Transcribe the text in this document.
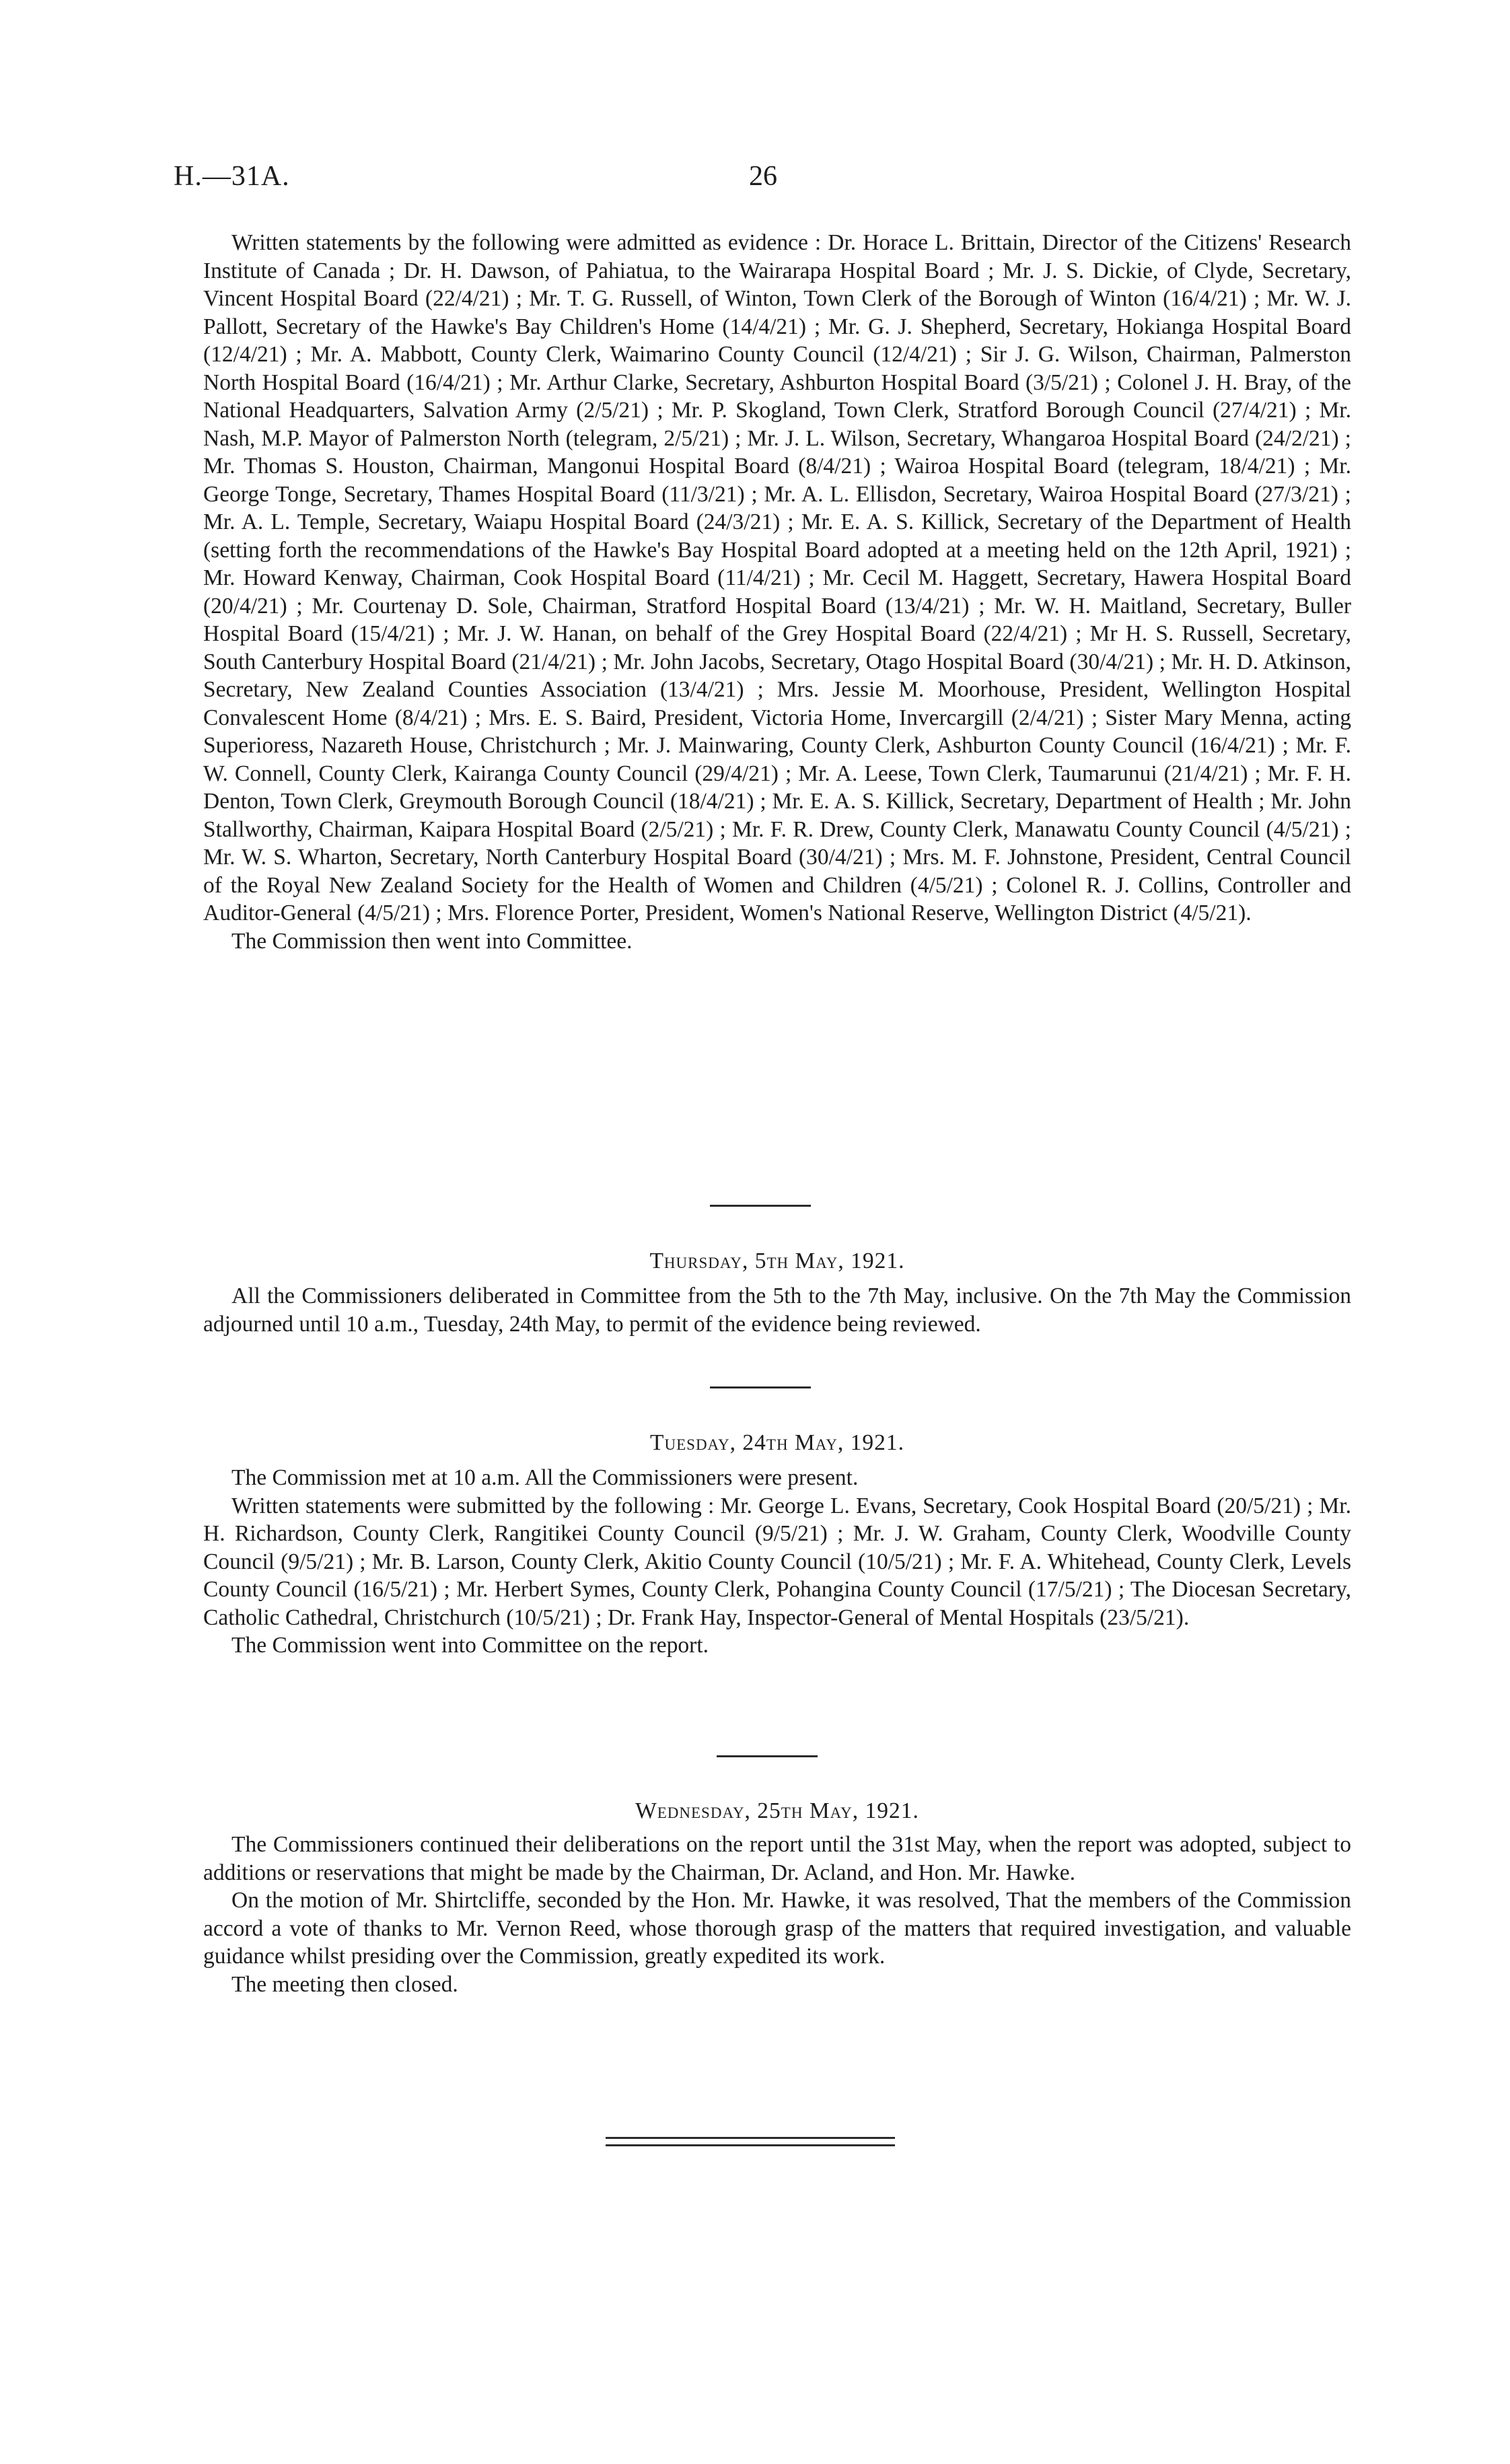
H.—31A.	26

Written statements by the following were admitted as evidence : Dr. Horace L. Brittain, Director of the Citizens' Research Institute of Canada ; Dr. H. Dawson, of Pahiatua, to the Wairarapa Hospital Board ; Mr. J. S. Dickie, of Clyde, Secretary, Vincent Hospital Board (22/4/21) ; Mr. T. G. Russell, of Winton, Town Clerk of the Borough of Winton (16/4/21) ; Mr. W. J. Pallott, Secretary of the Hawke's Bay Children's Home (14/4/21) ; Mr. G. J. Shepherd, Secretary, Hokianga Hospital Board (12/4/21) ; Mr. A. Mabbott, County Clerk, Waimarino County Council (12/4/21) ; Sir J. G. Wilson, Chairman, Palmerston North Hospital Board (16/4/21) ; Mr. Arthur Clarke, Secretary, Ashburton Hospital Board (3/5/21) ; Colonel J. H. Bray, of the National Headquarters, Salvation Army (2/5/21) ; Mr. P. Skogland, Town Clerk, Stratford Borough Council (27/4/21) ; Mr. Nash, M.P. Mayor of Palmerston North (telegram, 2/5/21) ; Mr. J. L. Wilson, Secretary, Whangaroa Hospital Board (24/2/21) ; Mr. Thomas S. Houston, Chairman, Mangonui Hospital Board (8/4/21) ; Wairoa Hospital Board (telegram, 18/4/21) ; Mr. George Tonge, Secretary, Thames Hospital Board (11/3/21) ; Mr. A. L. Ellisdon, Secretary, Wairoa Hospital Board (27/3/21) ; Mr. A. L. Temple, Secretary, Waiapu Hospital Board (24/3/21) ; Mr. E. A. S. Killick, Secretary of the Department of Health (setting forth the recommendations of the Hawke's Bay Hospital Board adopted at a meeting held on the 12th April, 1921) ; Mr. Howard Kenway, Chairman, Cook Hospital Board (11/4/21) ; Mr. Cecil M. Haggett, Secretary, Hawera Hospital Board (20/4/21) ; Mr. Courtenay D. Sole, Chairman, Stratford Hospital Board (13/4/21) ; Mr. W. H. Maitland, Secretary, Buller Hospital Board (15/4/21) ; Mr. J. W. Hanan, on behalf of the Grey Hospital Board (22/4/21) ; Mr H. S. Russell, Secretary, South Canterbury Hospital Board (21/4/21) ; Mr. John Jacobs, Secretary, Otago Hospital Board (30/4/21) ; Mr. H. D. Atkinson, Secretary, New Zealand Counties Association (13/4/21) ; Mrs. Jessie M. Moorhouse, President, Wellington Hospital Convalescent Home (8/4/21) ; Mrs. E. S. Baird, President, Victoria Home, Invercargill (2/4/21) ; Sister Mary Menna, acting Superioress, Nazareth House, Christchurch ; Mr. J. Mainwaring, County Clerk, Ashburton County Council (16/4/21) ; Mr. F. W. Connell, County Clerk, Kairanga County Council (29/4/21) ; Mr. A. Leese, Town Clerk, Taumarunui (21/4/21) ; Mr. F. H. Denton, Town Clerk, Greymouth Borough Council (18/4/21) ; Mr. E. A. S. Killick, Secretary, Department of Health ; Mr. John Stallworthy, Chairman, Kaipara Hospital Board (2/5/21) ; Mr. F. R. Drew, County Clerk, Manawatu County Council (4/5/21) ; Mr. W. S. Wharton, Secretary, North Canterbury Hospital Board (30/4/21) ; Mrs. M. F. Johnstone, President, Central Council of the Royal New Zealand Society for the Health of Women and Children (4/5/21) ; Colonel R. J. Collins, Controller and Auditor-General (4/5/21) ; Mrs. Florence Porter, President, Women's National Reserve, Wellington District (4/5/21).

The Commission then went into Committee.

Thursday, 5th May, 1921.

All the Commissioners deliberated in Committee from the 5th to the 7th May, inclusive. On the 7th May the Commission adjourned until 10 a.m., Tuesday, 24th May, to permit of the evidence being reviewed.

Tuesday, 24th May, 1921.

The Commission met at 10 a.m. All the Commissioners were present.

Written statements were submitted by the following : Mr. George L. Evans, Secretary, Cook Hospital Board (20/5/21) ; Mr. H. Richardson, County Clerk, Rangitikei County Council (9/5/21) ; Mr. J. W. Graham, County Clerk, Woodville County Council (9/5/21) ; Mr. B. Larson, County Clerk, Akitio County Council (10/5/21) ; Mr. F. A. Whitehead, County Clerk, Levels County Council (16/5/21) ; Mr. Herbert Symes, County Clerk, Pohangina County Council (17/5/21) ; The Diocesan Secretary, Catholic Cathedral, Christchurch (10/5/21) ; Dr. Frank Hay, Inspector-General of Mental Hospitals (23/5/21).

The Commission went into Committee on the report.

Wednesday, 25th May, 1921.

The Commissioners continued their deliberations on the report until the 31st May, when the report was adopted, subject to additions or reservations that might be made by the Chairman, Dr. Acland, and Hon. Mr. Hawke.

On the motion of Mr. Shirtcliffe, seconded by the Hon. Mr. Hawke, it was resolved, That the members of the Commission accord a vote of thanks to Mr. Vernon Reed, whose thorough grasp of the matters that required investigation, and valuable guidance whilst presiding over the Commission, greatly expedited its work.

The meeting then closed.
